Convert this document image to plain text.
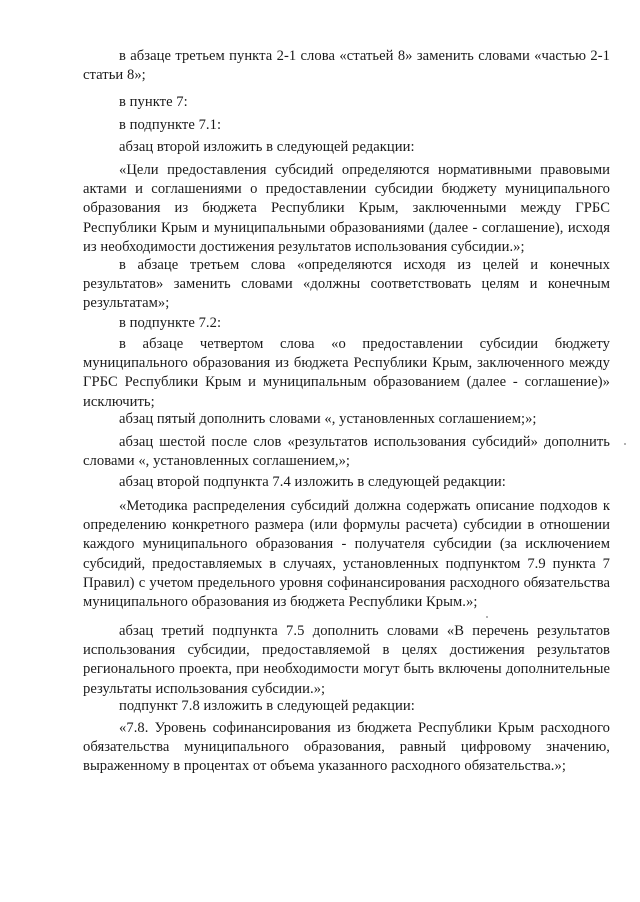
в абзаце третьем пункта 2-1 слова «статьей 8» заменить словами «частью 2-1 статьи 8»;

в пункте 7:

в подпункте 7.1:

абзац второй изложить в следующей редакции:

«Цели предоставления субсидий определяются нормативными правовыми актами и соглашениями о предоставлении субсидии бюджету муниципального образования из бюджета Республики Крым, заключенными между ГРБС Республики Крым и муниципальными образованиями (далее - соглашение), исходя из необходимости достижения результатов использования субсидии.»;

в абзаце третьем слова «определяются исходя из целей и конечных результатов» заменить словами «должны соответствовать целям и конечным результатам»;

в подпункте 7.2:

в абзаце четвертом слова «о предоставлении субсидии бюджету муниципального образования из бюджета Республики Крым, заключенного между ГРБС Республики Крым и муниципальным образованием (далее - соглашение)» исключить;

абзац пятый дополнить словами «, установленных соглашением;»;

абзац шестой после слов «результатов использования субсидий» дополнить словами «, установленных соглашением,»;

абзац второй подпункта 7.4 изложить в следующей редакции:

«Методика распределения субсидий должна содержать описание подходов к определению конкретного размера (или формулы расчета) субсидии в отношении каждого муниципального образования - получателя субсидии (за исключением субсидий, предоставляемых в случаях, установленных подпунктом 7.9 пункта 7 Правил) с учетом предельного уровня софинансирования расходного обязательства муниципального образования из бюджета Республики Крым.»;

абзац третий подпункта 7.5 дополнить словами «В перечень результатов использования субсидии, предоставляемой в целях достижения результатов регионального проекта, при необходимости могут быть включены дополнительные результаты использования субсидии.»;

подпункт 7.8 изложить в следующей редакции:

«7.8. Уровень софинансирования из бюджета Республики Крым расходного обязательства муниципального образования, равный цифровому значению, выраженному в процентах от объема указанного расходного обязательства.»;
